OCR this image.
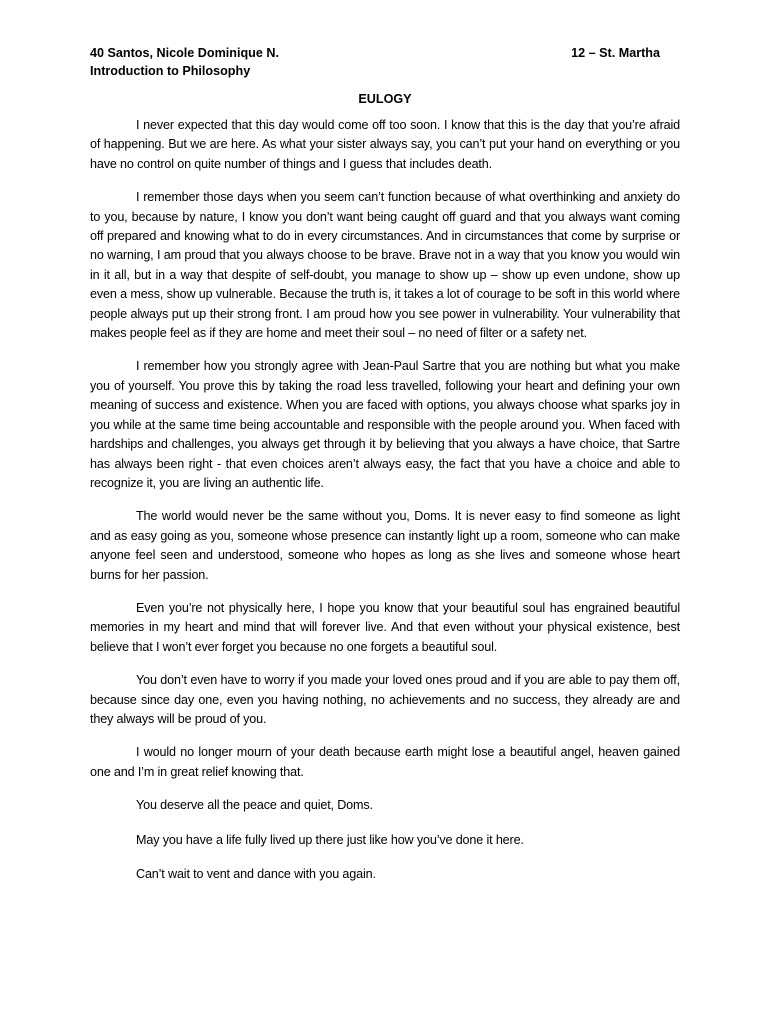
40 Santos, Nicole Dominique N.	12 – St. Martha
Introduction to Philosophy
EULOGY

I never expected that this day would come off too soon. I know that this is the day that you’re afraid of happening. But we are here. As what your sister always say, you can’t put your hand on everything or you have no control on quite number of things and I guess that includes death.

I remember those days when you seem can’t function because of what overthinking and anxiety do to you, because by nature, I know you don’t want being caught off guard and that you always want coming off prepared and knowing what to do in every circumstances. And in circumstances that come by surprise or no warning, I am proud that you always choose to be brave. Brave not in a way that you know you would win in it all, but in a way that despite of self-doubt, you manage to show up – show up even undone, show up even a mess, show up vulnerable. Because the truth is, it takes a lot of courage to be soft in this world where people always put up their strong front. I am proud how you see power in vulnerability. Your vulnerability that makes people feel as if they are home and meet their soul – no need of filter or a safety net.

I remember how you strongly agree with Jean-Paul Sartre that you are nothing but what you make you of yourself. You prove this by taking the road less travelled, following your heart and defining your own meaning of success and existence. When you are faced with options, you always choose what sparks joy in you while at the same time being accountable and responsible with the people around you. When faced with hardships and challenges, you always get through it by believing that you always a have choice, that Sartre has always been right - that even choices aren’t always easy, the fact that you have a choice and able to recognize it, you are living an authentic life.

The world would never be the same without you, Doms. It is never easy to find someone as light and as easy going as you, someone whose presence can instantly light up a room, someone who can make anyone feel seen and understood, someone who hopes as long as she lives and someone whose heart burns for her passion.

Even you’re not physically here, I hope you know that your beautiful soul has engrained beautiful memories in my heart and mind that will forever live. And that even without your physical existence, best believe that I won’t ever forget you because no one forgets a beautiful soul.

You don’t even have to worry if you made your loved ones proud and if you are able to pay them off, because since day one, even you having nothing, no achievements and no success, they already are and they always will be proud of you.

I would no longer mourn of your death because earth might lose a beautiful angel, heaven gained one and I’m in great relief knowing that.

You deserve all the peace and quiet, Doms.

May you have a life fully lived up there just like how you’ve done it here.

Can’t wait to vent and dance with you again.
